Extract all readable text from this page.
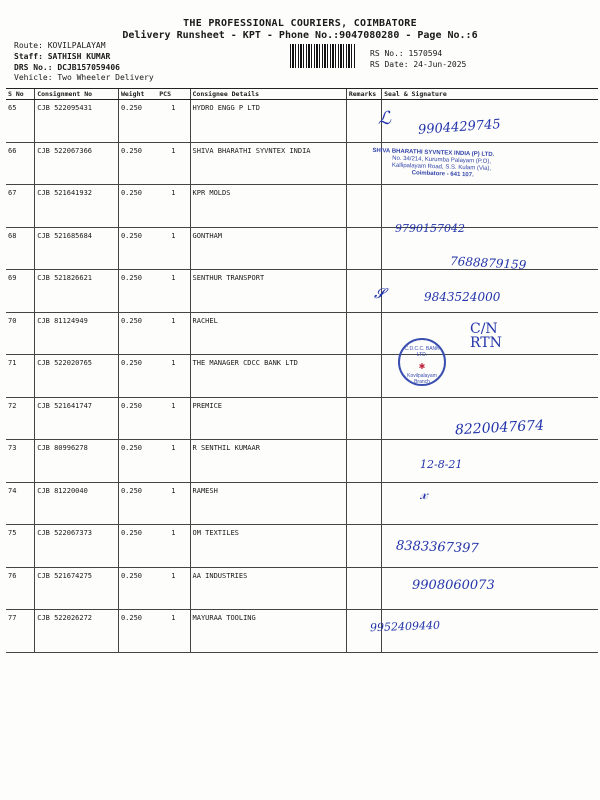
THE PROFESSIONAL COURIERS, COIMBATORE
Delivery Runsheet - KPT - Phone No.:9047080280 - Page No.:6
Route: KOVILPALAYAM
Staff: SATHISH KUMAR
DRS No.: DCJB157059406
Vehicle: Two Wheeler Delivery
RS No.: 1570594
RS Date: 24-Jun-2025
S No	Consignment No	Weight	PCS	Consignee Details	Remarks	Seal & Signature
65	CJB 522095431	0.250	1	HYDRO ENGG P LTD		
66	CJB 522067366	0.250	1	SHIVA BHARATHI SYVNTEX INDIA		
67	CJB 521641932	0.250	1	KPR MOLDS		
68	CJB 521685684	0.250	1	GONTHAM		
69	CJB 521826621	0.250	1	SENTHUR TRANSPORT		
70	CJB 81124949	0.250	1	RACHEL		
71	CJB 522020765	0.250	1	THE MANAGER CDCC BANK LTD		
72	CJB 521641747	0.250	1	PREMICE		
73	CJB 80996278	0.250	1	R SENTHIL KUMAAR		
74	CJB 81220040	0.250	1	RAMESH		
75	CJB 522067373	0.250	1	OM TEXTILES		
76	CJB 521674275	0.250	1	AA INDUSTRIES		
77	CJB 522026272	0.250	1	MAYURAA TOOLING		
9904429745
ℒ
SHIVA BHARATHI SYVNTEX INDIA (P) LTD.
No. 34/214, Kurumba Palayam (P.O),
Kallipalayam Road, S.S. Kulam (Via),
Coimbatore - 641 107.
9790157042
7688879159
9843524000
𝓢
C/N RTN
C.D.C.C. BANK LTD.
✱
Kovilpalayam Branch
8220047674
12-8-21
𝓍
8383367397
9908060073
9952409440
